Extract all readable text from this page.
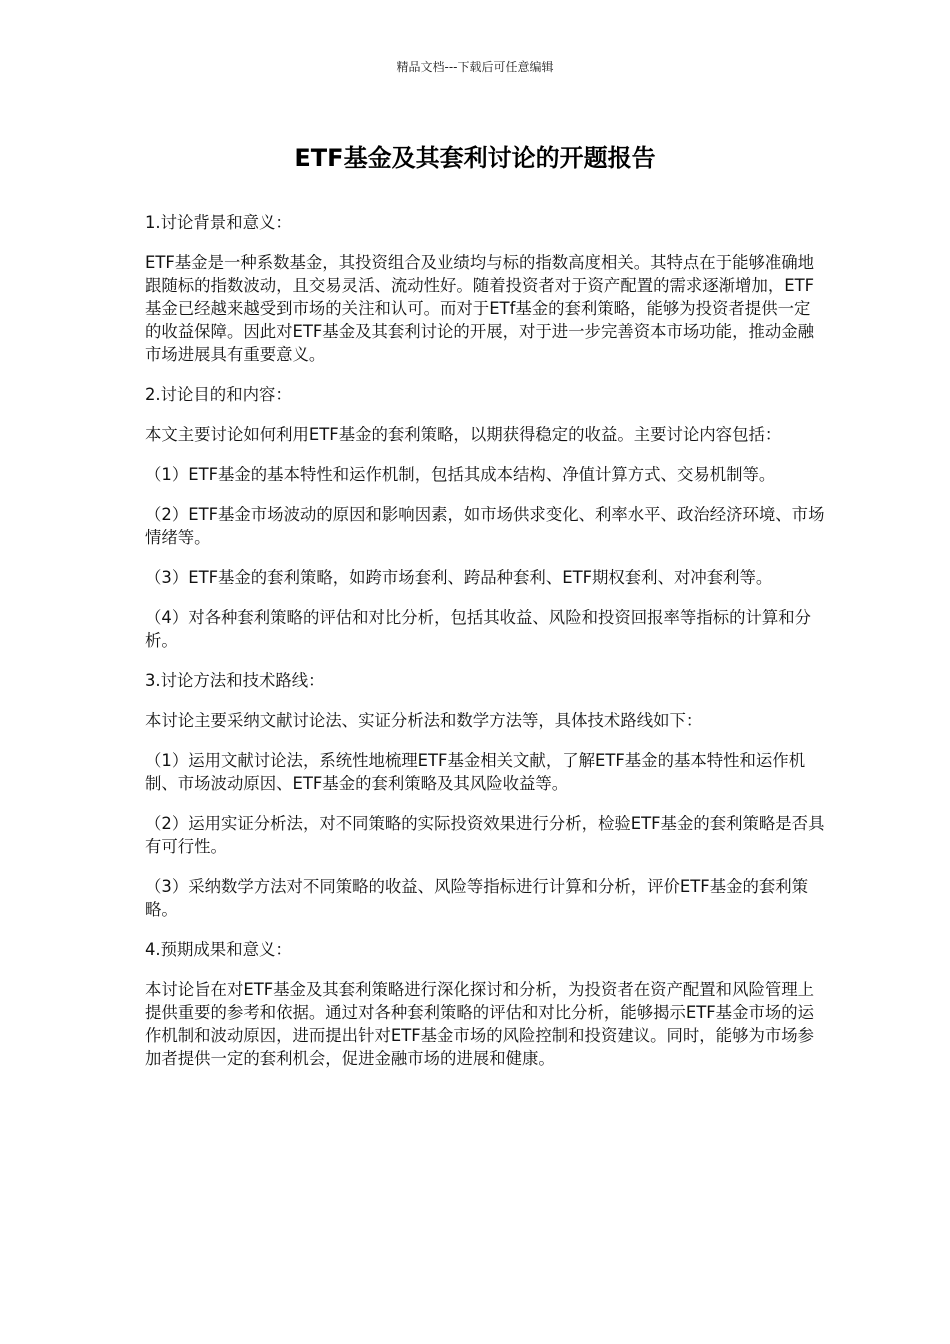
精品文档---下载后可任意编辑
ETF基金及其套利讨论的开题报告

1.讨论背景和意义：

ETF基金是一种系数基金，其投资组合及业绩均与标的指数高度相关。其特点在于能够准确地跟随标的指数波动，且交易灵活、流动性好。随着投资者对于资产配置的需求逐渐增加，ETF基金已经越来越受到市场的关注和认可。而对于ETf基金的套利策略，能够为投资者提供一定的收益保障。因此对ETF基金及其套利讨论的开展，对于进一步完善资本市场功能，推动金融市场进展具有重要意义。

2.讨论目的和内容：

本文主要讨论如何利用ETF基金的套利策略，以期获得稳定的收益。主要讨论内容包括：

（1）ETF基金的基本特性和运作机制，包括其成本结构、净值计算方式、交易机制等。

（2）ETF基金市场波动的原因和影响因素，如市场供求变化、利率水平、政治经济环境、市场情绪等。

（3）ETF基金的套利策略，如跨市场套利、跨品种套利、ETF期权套利、对冲套利等。

（4）对各种套利策略的评估和对比分析，包括其收益、风险和投资回报率等指标的计算和分析。

3.讨论方法和技术路线：

本讨论主要采纳文献讨论法、实证分析法和数学方法等，具体技术路线如下：

（1）运用文献讨论法，系统性地梳理ETF基金相关文献，了解ETF基金的基本特性和运作机制、市场波动原因、ETF基金的套利策略及其风险收益等。

（2）运用实证分析法，对不同策略的实际投资效果进行分析，检验ETF基金的套利策略是否具有可行性。

（3）采纳数学方法对不同策略的收益、风险等指标进行计算和分析，评价ETF基金的套利策略。

4.预期成果和意义：

本讨论旨在对ETF基金及其套利策略进行深化探讨和分析，为投资者在资产配置和风险管理上提供重要的参考和依据。通过对各种套利策略的评估和对比分析，能够揭示ETF基金市场的运作机制和波动原因，进而提出针对ETF基金市场的风险控制和投资建议。同时，能够为市场参加者提供一定的套利机会，促进金融市场的进展和健康。
